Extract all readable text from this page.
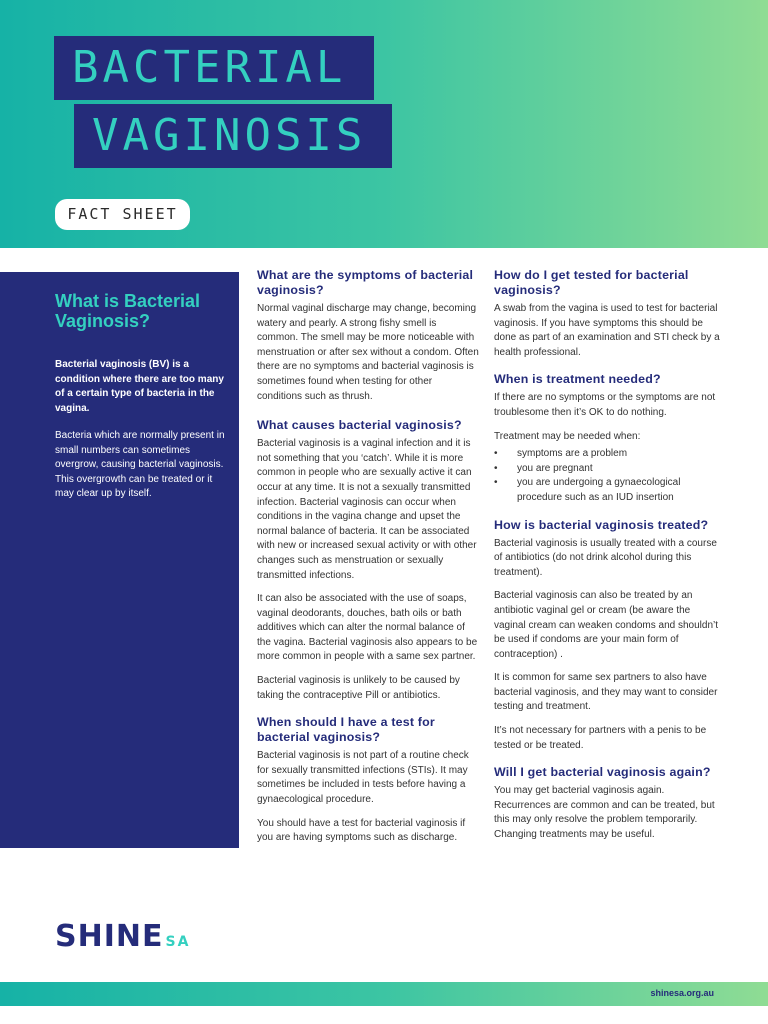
BACTERIAL
VAGINOSIS
FACT SHEET
What is Bacterial Vaginosis?

Bacterial vaginosis (BV) is a condition where there are too many of a certain type of bacteria in the vagina.

Bacteria which are normally present in small numbers can sometimes overgrow, causing bacterial vaginosis. This overgrowth can be treated or it may clear up by itself.

What are the symptoms of bacterial vaginosis?

Normal vaginal discharge may change, becoming watery and pearly. A strong fishy smell is common. The smell may be more noticeable with menstruation or after sex without a condom. Often there are no symptoms and bacterial vaginosis is sometimes found when testing for other conditions such as thrush.

What causes bacterial vaginosis?

Bacterial vaginosis is a vaginal infection and it is not something that you ‘catch’. While it is more common in people who are sexually active it can occur at any time. It is not a sexually transmitted infection. Bacterial vaginosis can occur when conditions in the vagina change and upset the normal balance of bacteria. It can be associated with new or increased sexual activity or with other changes such as menstruation or sexually transmitted infections.

It can also be associated with the use of soaps, vaginal deodorants, douches, bath oils or bath additives which can alter the normal balance of the vagina. Bacterial vaginosis also appears to be more common in people with a same sex partner.

Bacterial vaginosis is unlikely to be caused by taking the contraceptive Pill or antibiotics.

When should I have a test for bacterial vaginosis?

Bacterial vaginosis is not part of a routine check for sexually transmitted infections (STIs). It may sometimes be included in tests before having a gynaecological procedure.

You should have a test for bacterial vaginosis if you are having symptoms such as discharge.

How do I get tested for bacterial vaginosis?

A swab from the vagina is used to test for bacterial vaginosis. If you have symptoms this should be done as part of an examination and STI check by a health professional.

When is treatment needed?

If there are no symptoms or the symptoms are not troublesome then it’s OK to do nothing.

Treatment may be needed when:

• symptoms are a problem
• you are pregnant
• you are undergoing a gynaecological procedure such as an IUD insertion
How is bacterial vaginosis treated?

Bacterial vaginosis is usually treated with a course of antibiotics (do not drink alcohol during this treatment).

Bacterial vaginosis can also be treated by an antibiotic vaginal gel or cream (be aware the vaginal cream can weaken condoms and shouldn’t be used if condoms are your main form of contraception) .

It is common for same sex partners to also have bacterial vaginosis, and they may want to consider testing and treatment.

It’s not necessary for partners with a penis to be tested or be treated.

Will I get bacterial vaginosis again?

You may get bacterial vaginosis again. Recurrences are common and can be treated, but this may only resolve the problem temporarily. Changing treatments may be useful.

SHINE SA
shinesa.org.au
